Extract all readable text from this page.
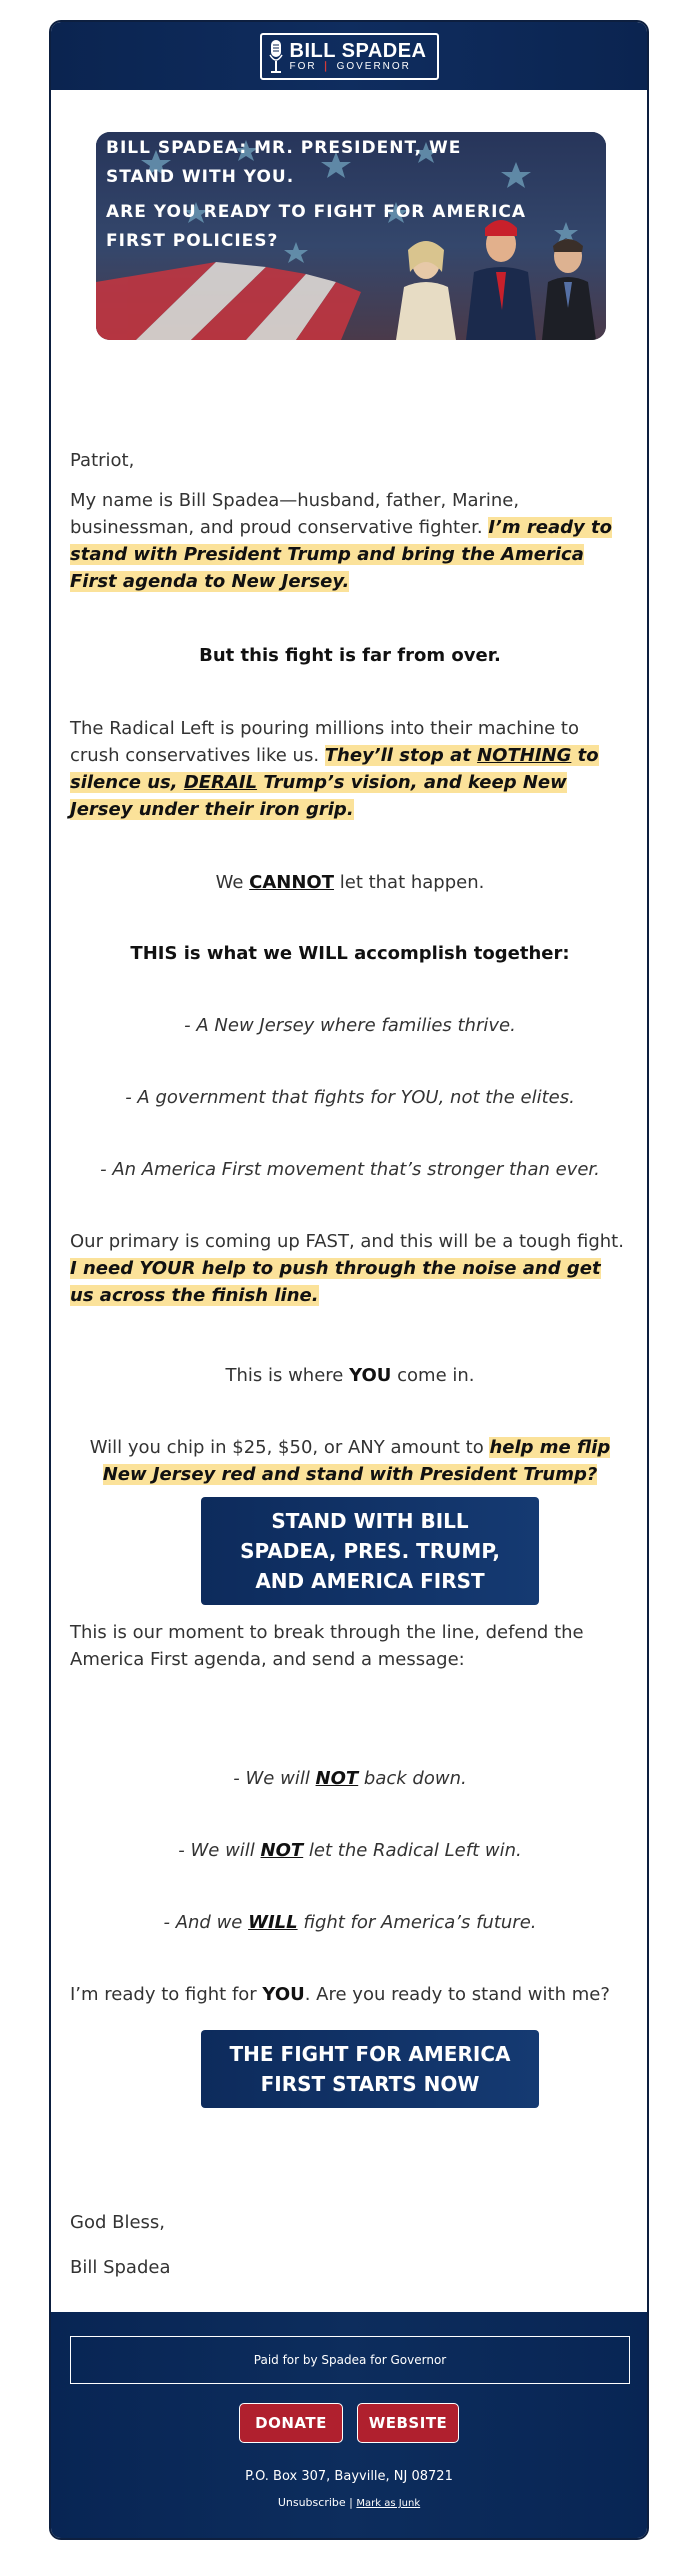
BILL SPADEA
FOR ❘ GOVERNOR

BILL SPADEA: MR. PRESIDENT, WE STAND WITH YOU.

ARE YOU READY TO FIGHT FOR AMERICA FIRST POLICIES?

Patriot,

My name is Bill Spadea—husband, father, Marine, businessman, and proud conservative fighter. I’m ready to stand with President Trump and bring the America First agenda to New Jersey.

But this fight is far from over.

The Radical Left is pouring millions into their machine to crush conservatives like us. They’ll stop at NOTHING to silence us, DERAIL Trump’s vision, and keep New Jersey under their iron grip.

We CANNOT let that happen.

THIS is what we WILL accomplish together:

- A New Jersey where families thrive.

- A government that fights for YOU, not the elites.

- An America First movement that’s stronger than ever.

Our primary is coming up FAST, and this will be a tough fight. I need YOUR help to push through the noise and get us across the finish line.

This is where YOU come in.

Will you chip in $25, $50, or ANY amount to help me flip New Jersey red and stand with President Trump?

STAND WITH BILL SPADEA, PRES. TRUMP, AND AMERICA FIRST

This is our moment to break through the line, defend the America First agenda, and send a message:

- We will NOT back down.

- We will NOT let the Radical Left win.

- And we WILL fight for America’s future.

I’m ready to fight for YOU. Are you ready to stand with me?

THE FIGHT FOR AMERICA FIRST STARTS NOW

God Bless,

Bill Spadea

Paid for by Spadea for Governor
DONATE	WEBSITE
P.O. Box 307, Bayville, NJ 08721
Unsubscribe | Mark as Junk
